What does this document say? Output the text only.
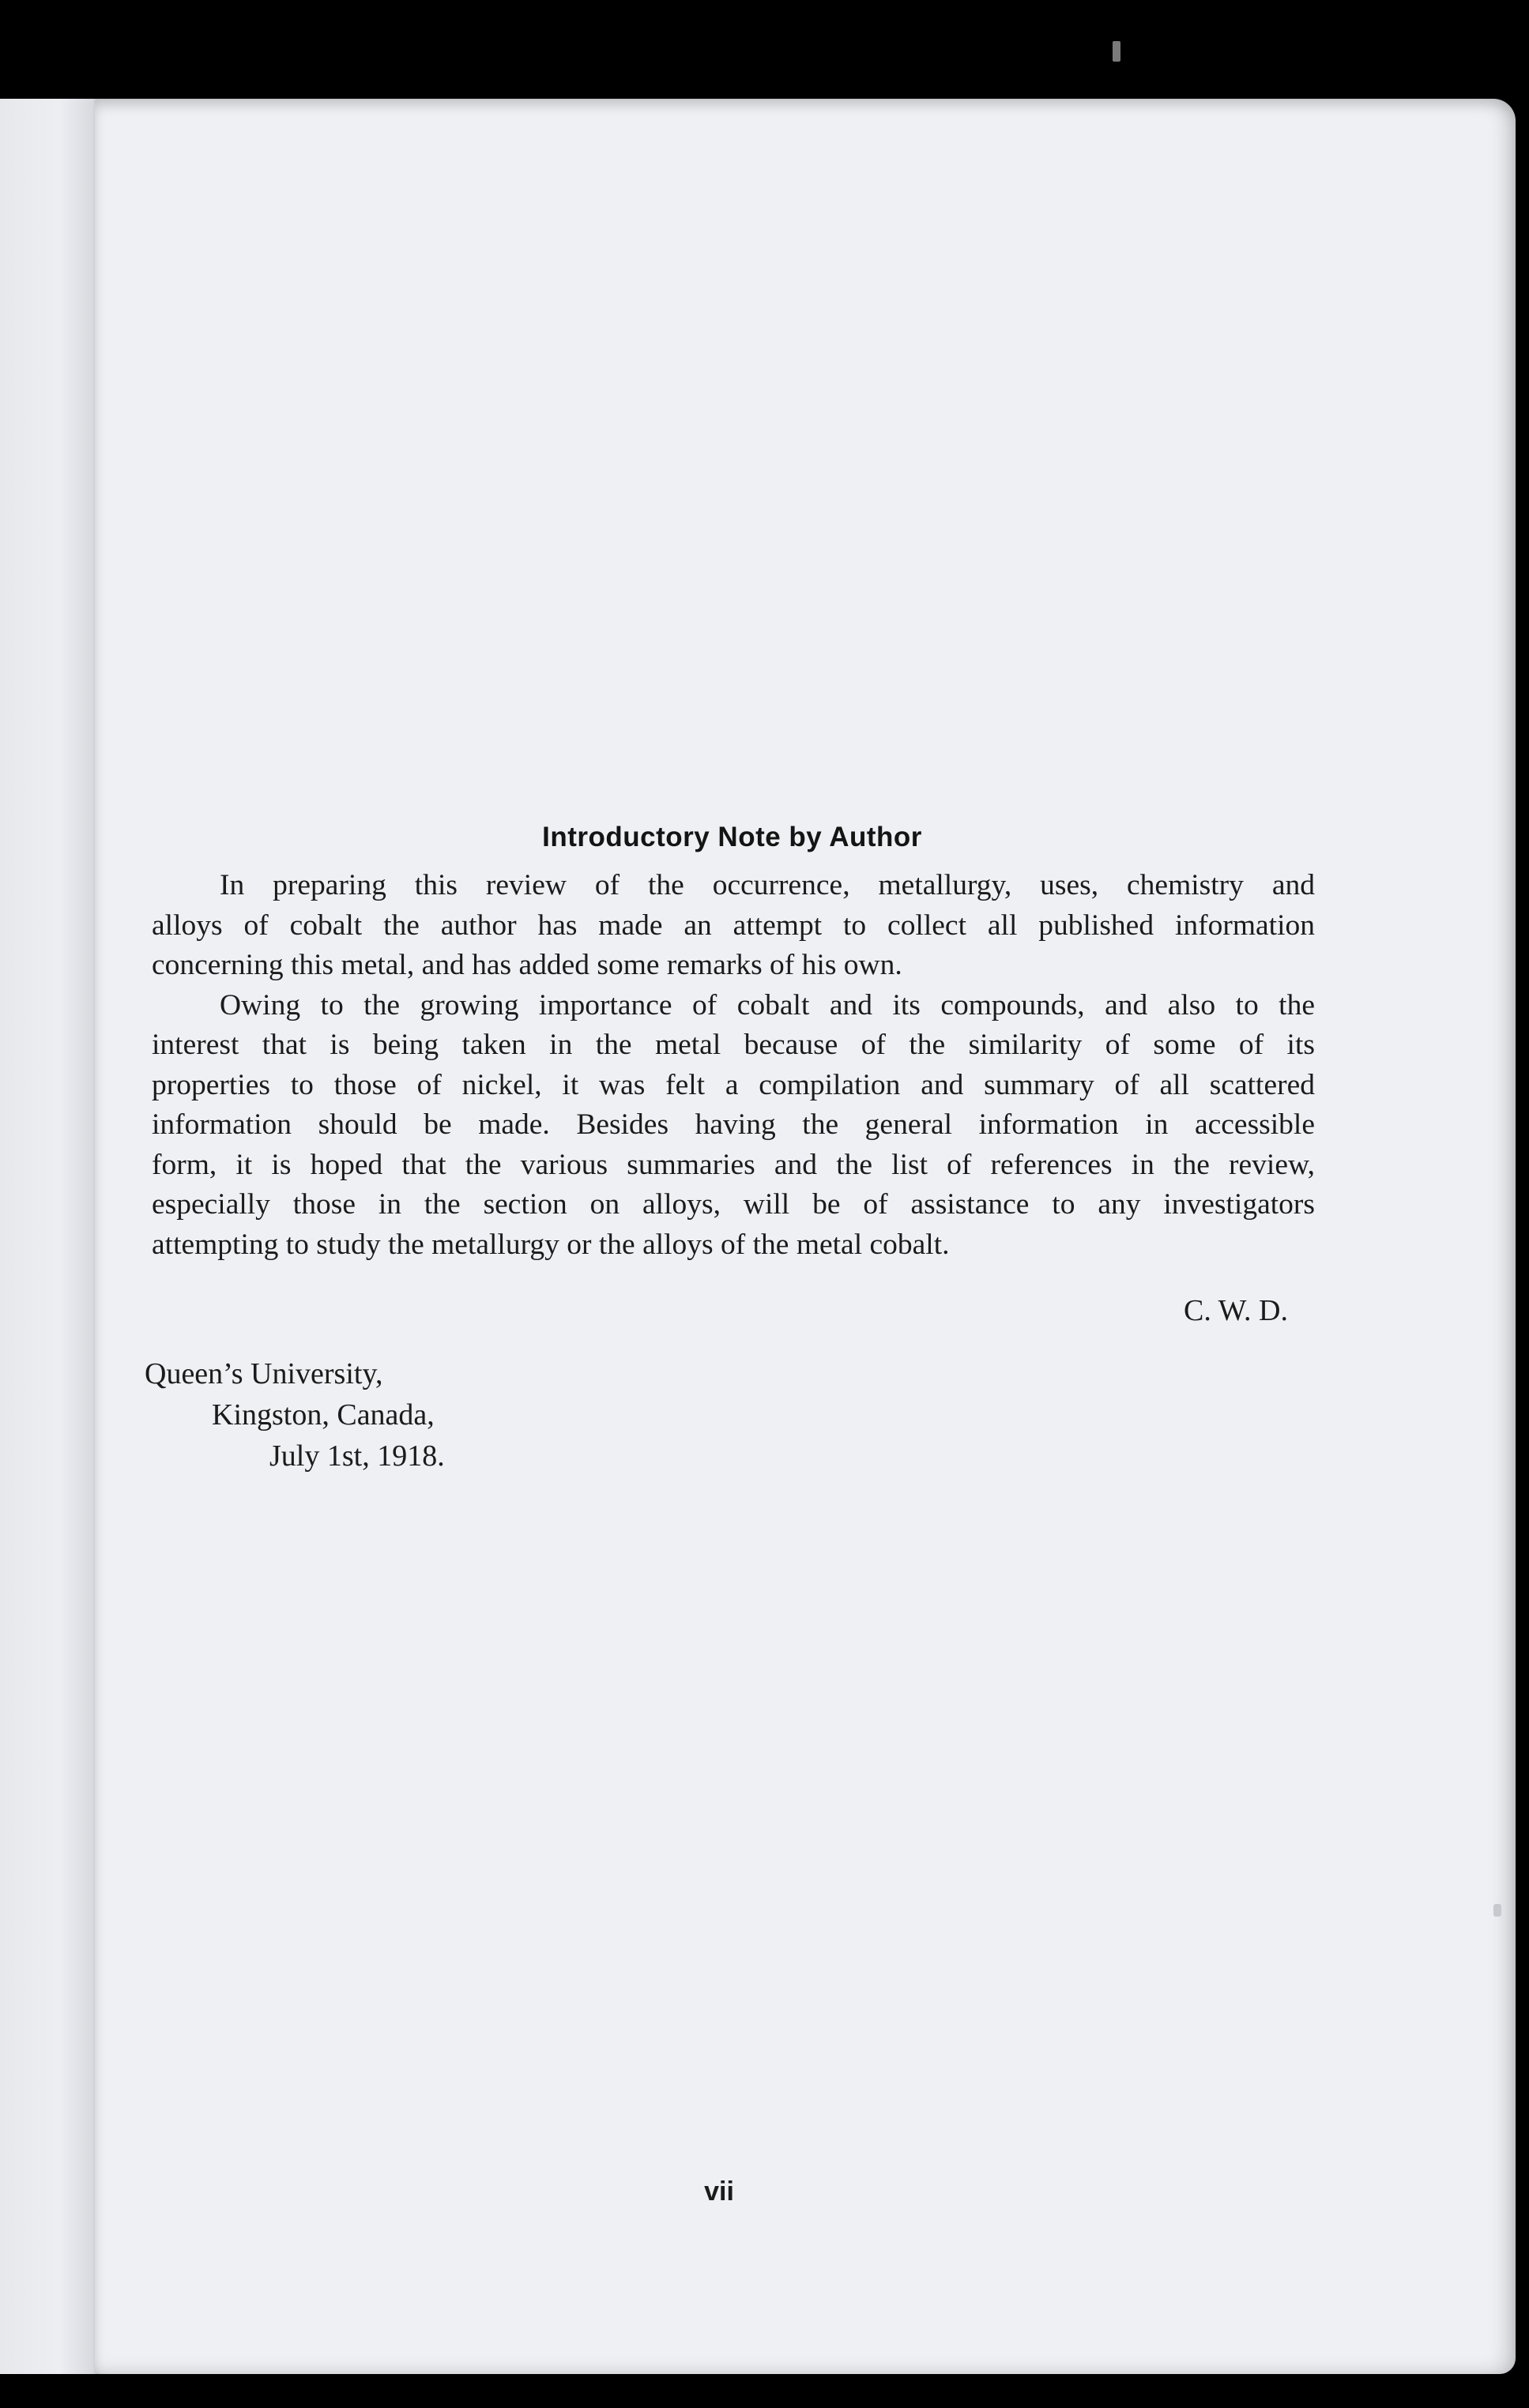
Introductory Note by Author
In preparing this review of the occurrence, metallurgy, uses, chemistry and
alloys of cobalt the author has made an attempt to collect all published information
concerning this metal, and has added some remarks of his own.
Owing to the growing importance of cobalt and its compounds, and also to the
interest that is being taken in the metal because of the similarity of some of its
properties to those of nickel, it was felt a compilation and summary of all scattered
information should be made. Besides having the general information in accessible
form, it is hoped that the various summaries and the list of references in the review,
especially those in the section on alloys, will be of assistance to any investigators
attempting to study the metallurgy or the alloys of the metal cobalt.

C. W. D.

Queen’s University,
Kingston, Canada,
July 1st, 1918.

vii
